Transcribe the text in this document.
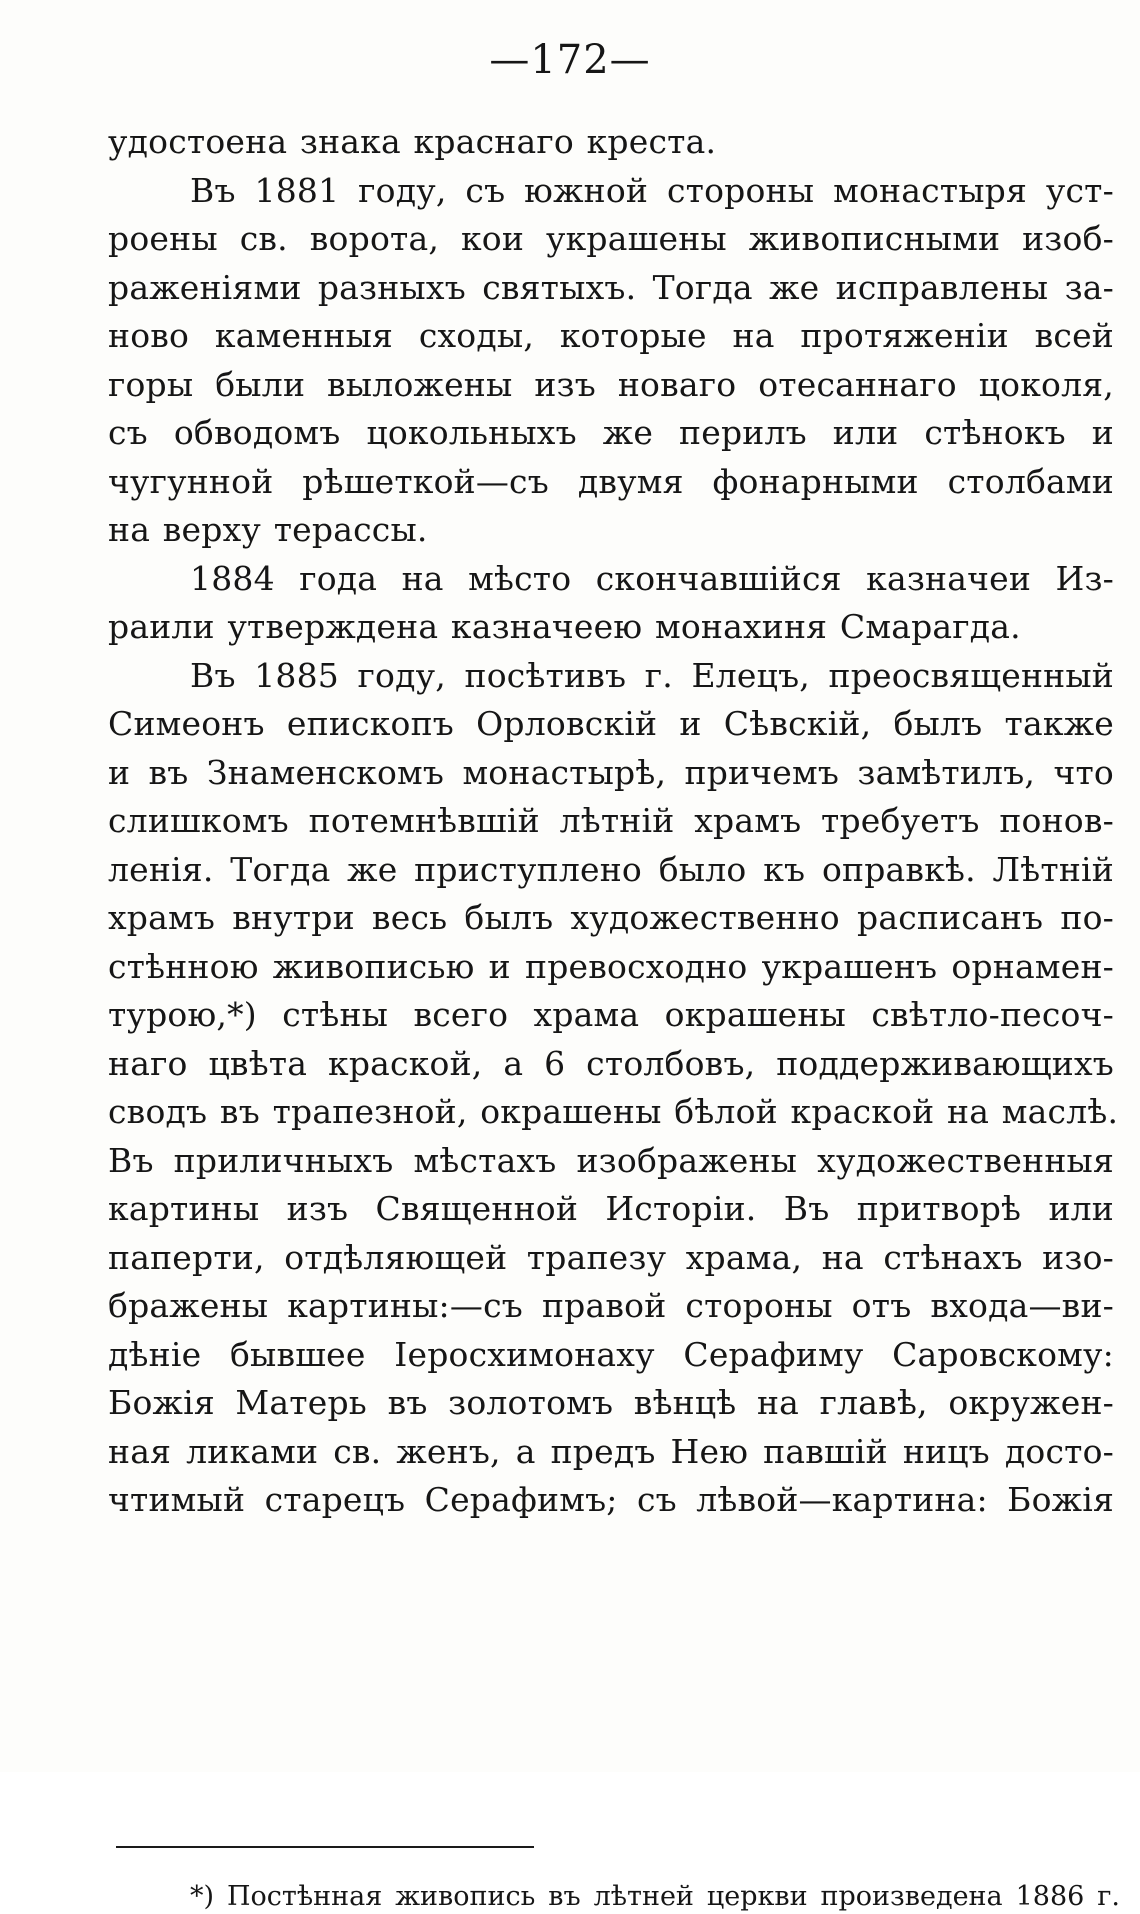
—172—
удостоена знака краснаго креста.
Въ 1881 году, съ южной стороны монастыря уст-
роены св. ворота, кои украшены живописными изоб-
раженіями разныхъ святыхъ. Тогда же исправлены за-
ново каменныя сходы, которые на протяженіи всей
горы были выложены изъ новаго отесаннаго цоколя,
съ обводомъ цокольныхъ же перилъ или стѣнокъ и
чугунной рѣшеткой—съ двумя фонарными столбами
на верху терассы.
1884 года на мѣсто скончавшійся казначеи Из-
раили утверждена казначеею монахиня Смарагда.
Въ 1885 году, посѣтивъ г. Елецъ, преосвященный
Симеонъ епископъ Орловскій и Сѣвскій, былъ также
и въ Знаменскомъ монастырѣ, причемъ замѣтилъ, что
слишкомъ потемнѣвшій лѣтній храмъ требуетъ понов-
ленія. Тогда же приступлено было къ оправкѣ. Лѣтній
храмъ внутри весь былъ художественно расписанъ по-
стѣнною живописью и превосходно украшенъ орнамен-
турою,*) стѣны всего храма окрашены свѣтло-песоч-
наго цвѣта краской, а 6 столбовъ, поддерживающихъ
сводъ въ трапезной, окрашены бѣлой краской на маслѣ.
Въ приличныхъ мѣстахъ изображены художественныя
картины изъ Священной Исторіи. Въ притворѣ или
паперти, отдѣляющей трапезу храма, на стѣнахъ изо-
бражены картины:—съ правой стороны отъ входа—ви-
дѣніе бывшее Іеросхимонаху Серафиму Саровскому:
Божія Матерь въ золотомъ вѣнцѣ на главѣ, окружен-
ная ликами св. женъ, а предъ Нею павшій ницъ досто-
чтимый старецъ Серафимъ; съ лѣвой—картина: Божія
*) Постѣнная живопись въ лѣтней церкви произведена 1886 г.
